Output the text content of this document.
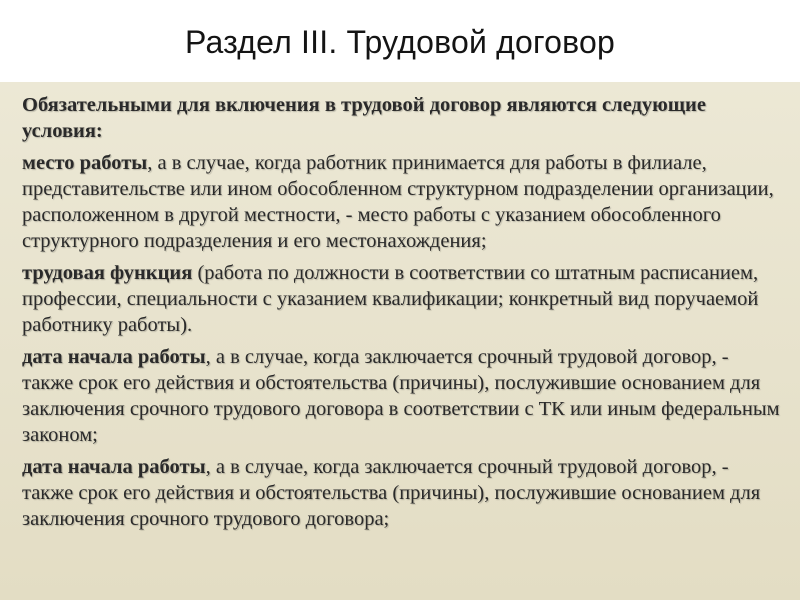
Раздел III. Трудовой договор

Обязательными для включения в трудовой договор являются следующие условия:

место работы, а в случае, когда работник принимается для работы в филиале, представительстве или ином обособленном структурном подразделении организации, расположенном в другой местности, - место работы с указанием обособленного структурного подразделения и его местонахождения;

трудовая функция (работа по должности в соответствии со штатным расписанием, профессии, специальности с указанием квалификации; конкретный вид поручаемой работнику работы).

дата начала работы, а в случае, когда заключается срочный трудовой договор, - также срок его действия и обстоятельства (причины), послужившие основанием для заключения срочного трудового договора в соответствии с ТК или иным федеральным законом;

дата начала работы, а в случае, когда заключается срочный трудовой договор, - также срок его действия и обстоятельства (причины), послужившие основанием для заключения срочного трудового договора;
